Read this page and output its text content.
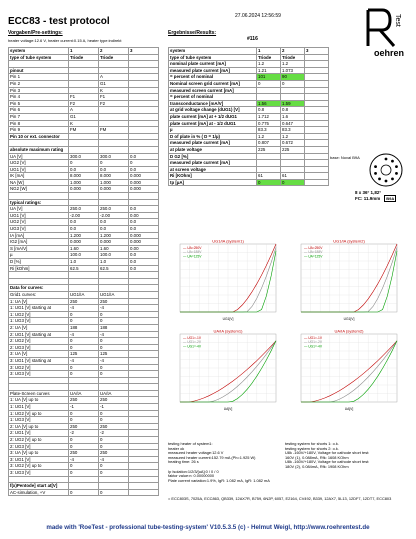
ECC83 - test protocol	27.06.2024 12:56:59	Test
oehren
Vorgaben/Pre-settings:
heater voltage:12.6 V, heater current:0.15 A, heater type:indirekt
Ergebnisse/Results:
#116
system	1	2	3
type of tube system	Triode	Triode	

pinout			
Pin 1		A	
Pin 2		G1	
Pin 3		K	
Pin 4	F1	F1	
Pin 5	F2	F2	
Pin 6	A		
Pin 7	G1		
Pin 8	K		
Pin 9	FM	FM	
Pin 10 or ext. connector			

absolute maximum rating			
UA [V]	300.0	300.0	0.0
UG2 [V]	0	0	0
UG1 [V]	0.0	0.0	0.0
IK [mA]	8.000	8.000	0.000
NA [W]	1.000	1.000	0.000
NG2 [W]	0.000	0.000	0.000

typical ratings:			
UA [V]	250.0	250.0	0.0
UG1 [V]	-2.00	-2.00	0.00
UG2 [V]	0.0	0.0	0.0
UG3 [V]	0.0	0.0	0.0
IA [mA]	1.200	1.200	0.000
IG2 [mA]	0.000	0.000	0.000
S [mA/V]	1.60	1.60	0.00
µ	100.0	100.0	0.0
D [%]	1.0	1.0	0.0
Ri [kOhm]	62.5	62.5	0.0

Data for curves:			
Grid1 curves:	UG1/IA	UG1/IA	
1: UA [V]	250	250	
1: UG1 [V] starting at	-4	-4	
1: UG2 [V]	0	0	
1: UG3 [V]	0	0	
2: UA [V]	188	188	
2: UG1 [V] starting at	-4	-4	
2: UG2 [V]	0	0	
2: UG3 [V]	0	0	
3: UA [V]	125	125	
3: UG1 [V] starting at	-4	-4	
3: UG2 [V]	0	0	
3: UG3 [V]	0	0	

Plate-Screen curves	UA/IA	UA/IA	
1: UA [V] up to	250	250	
1: UG1 [V]	-1	-1	
1: UG2 [V] up to	0	0	
1: UG3 [V]	0	0	
2: UA [V] up to	250	250	
2: UG1 [V]	-2	-2	
2: UG2 [V] up to	0	0	
2: UG3 [V]	0	0	
3: UA [V] up to	250	250	
3: UG1 [V]	-4	-4	
3: UG2 [V] up to	0	0	
3: UG3 [V]	0	0	

f(x)Pentode] start at[V]			
AC-simulation, +V	0	0	
system	1	2	3
type of tube system	Triode	Triode	
nominal plate current [mA]	1.2	1.2	
measured plate current [mA]	1.21	1.073	
= percent of nominal	101	90	
Nominal screen grid current [mA]	0	0	
measured screen current [mA]			
= percent of nominal			
transconductance [mA/V]	1.56	1.59	
at grid voltage change (dUG1) [V]	0.8	0.8	
plate current [mA] at + 1/2 dUG1	1.712	1.6	
plate current [mA] at - 1/2 dUG1	0.775	0.647	
µ	83.3	83.3	
D of plate in % ( D = 1/µ)	1.2	1.2	
measured plate current [mA]	0.807	0.672	
at plate voltage	225	225	
D G2 [%]			
measured plate current [mA]			
at screen voltage			
Ri [KOhm]	61	61	
tp [µA]	0	0	
base: Noval B9A
8 x 36° 1,82°
FC: 11.9mm	B9A
UG1/IA (system1)
— UA=250V
— UA=188V
— UA=125V
UG1[V]
UG1/IA (system2)
— UA=250V
— UA=188V
— UA=125V
UG1[V]
UA/IA (system1)
— UG1=-1V
— UG1=-2V
— UG1=-4V
UA[V]
UA/IA (system2)
— UG1=-1V
— UG1=-2V
— UG1=-4V
UA[V]
testing heater of system1:
heater ok
measured heater voltage:12.6 V
measured heater current:152.79 mA (Ph=1.925 W)
heating time: 26 s

Ip Isolation:1/2/3/[uA]:0 / 0 / 0
faktor value:n: 0.00000000
Plate current variation:1.9%, IgR: 1.082 mA, IgR: 1.082 mA
testing system for shorts 1: o.k.
testing system for shorts 2: o.k.
U8k -160V/+180V, Voltage for cathode short test:
160V (1), 0.088mA, Rfk: 1608 KOhm
U8k -160V/+180V, Voltage for cathode short test:
180V (2), 0.084mA, Rfk: 1908 KOhm
= ECC803S, 7025A, ECC863, QB339, 12AX7R, B759, 6N2P, 6057, E2164, CV492, B339, 12AX7, 5L13, 12DF7, 12DT7, ECC803
made with 'RoeTest - professional tube-testing-system' V10.5.3.5 (c) - Helmut Weigl, http://www.roehrentest.de
